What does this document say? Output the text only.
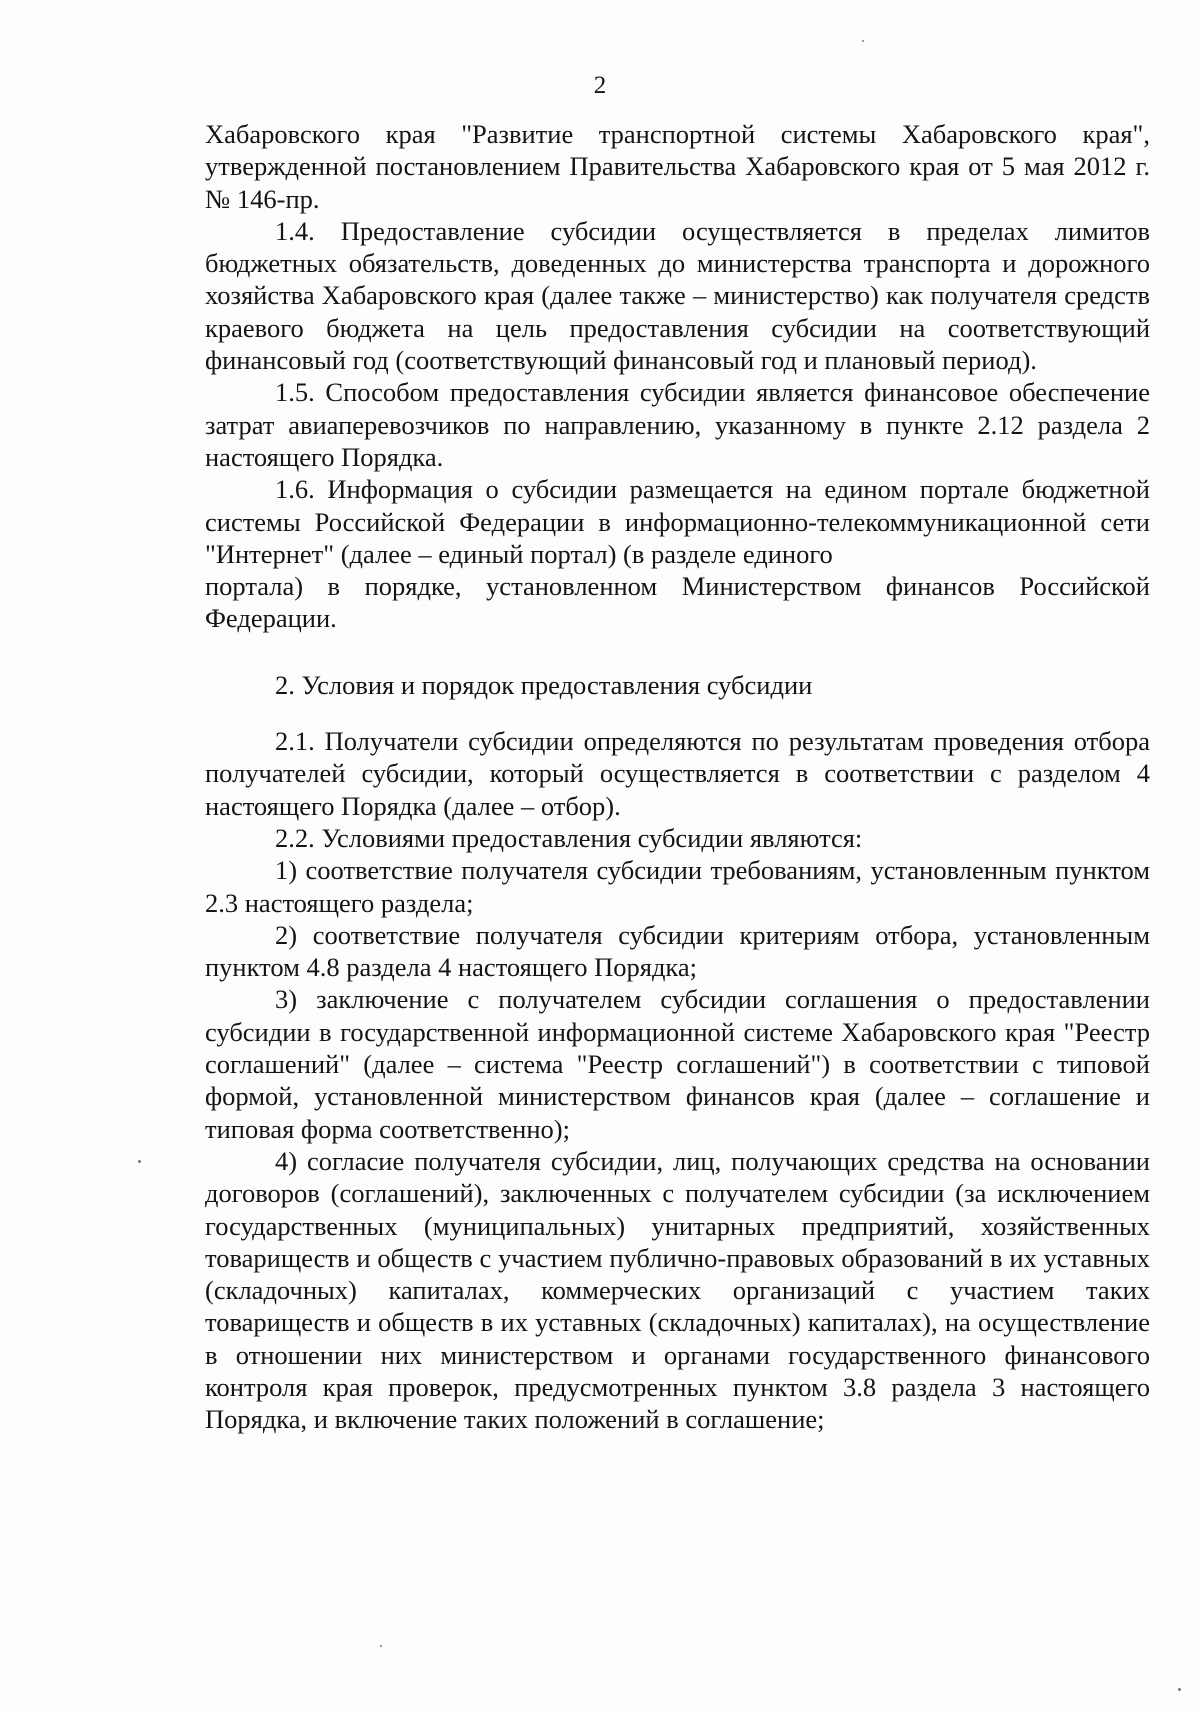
2

Хабаровского края "Развитие транспортной системы Хабаровского края", утвержденной постановлением Правительства Хабаровского края от 5 мая 2012 г. № 146-пр.

1.4. Предоставление субсидии осуществляется в пределах лимитов бюджетных обязательств, доведенных до министерства транспорта и дорожного хозяйства Хабаровского края (далее также – министерство) как получателя средств краевого бюджета на цель предоставления субсидии на соответствующий финансовый год (соответствующий финансовый год и плановый период).

1.5. Способом предоставления субсидии является финансовое обеспечение затрат авиаперевозчиков по направлению, указанному в пункте 2.12 раздела 2 настоящего Порядка.

1.6. Информация о субсидии размещается на едином портале бюджетной системы Российской Федерации в информационно-телекоммуникационной сети "Интернет" (далее – единый портал) (в разделе единого

портала) в порядке, установленном Министерством финансов Российской Федерации.

2. Условия и порядок предоставления субсидии

2.1. Получатели субсидии определяются по результатам проведения отбора получателей субсидии, который осуществляется в соответствии с разделом 4 настоящего Порядка (далее – отбор).

2.2. Условиями предоставления субсидии являются:

1) соответствие получателя субсидии требованиям, установленным пунктом 2.3 настоящего раздела;

2) соответствие получателя субсидии критериям отбора, установленным пунктом 4.8 раздела 4 настоящего Порядка;

3) заключение с получателем субсидии соглашения о предоставлении субсидии в государственной информационной системе Хабаровского края "Реестр соглашений" (далее – система "Реестр соглашений") в соответствии с типовой формой, установленной министерством финансов края (далее – соглашение и типовая форма соответственно);

4) согласие получателя субсидии, лиц, получающих средства на основании договоров (соглашений), заключенных с получателем субсидии (за исключением государственных (муниципальных) унитарных предприятий, хозяйственных товариществ и обществ с участием публично-правовых образований в их уставных (складочных) капиталах, коммерческих организаций с участием таких товариществ и обществ в их уставных (складочных) капиталах), на осуществление в отношении них министерством и органами государственного финансового контроля края проверок, предусмотренных пунктом 3.8 раздела 3 настоящего Порядка, и включение таких положений в соглашение;
